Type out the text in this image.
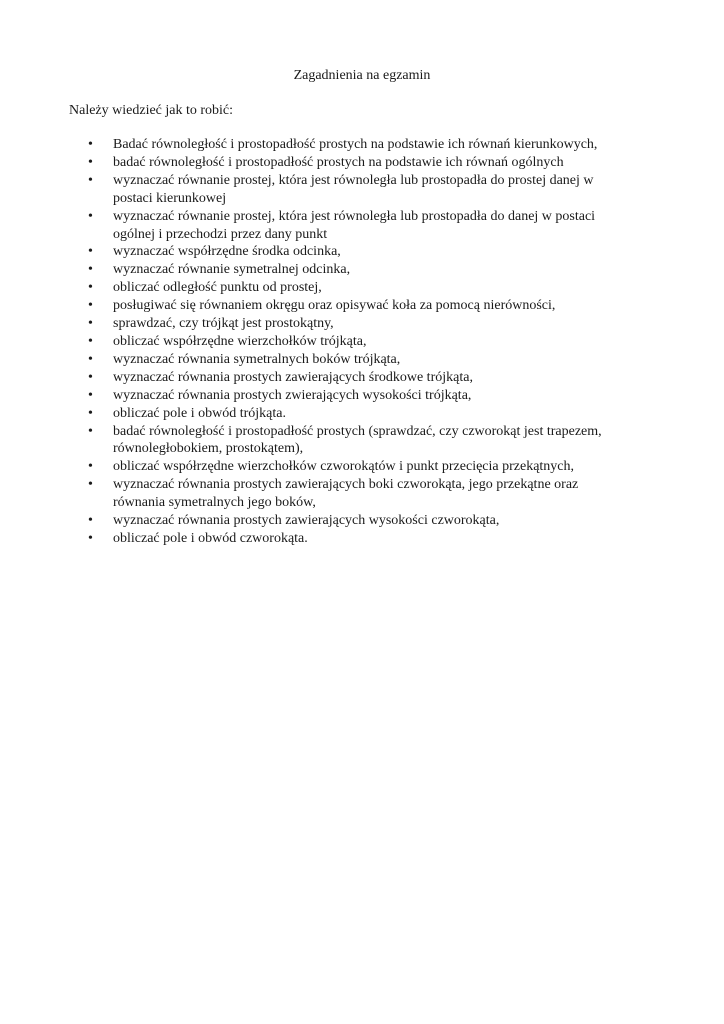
Zagadnienia na egzamin
Należy wiedzieć jak to robić:
• Badać równoległość i prostopadłość prostych na podstawie ich równań kierunkowych,
• badać równoległość i prostopadłość prostych na podstawie ich równań ogólnych
• wyznaczać równanie prostej, która jest równoległa lub prostopadła do prostej danej w postaci kierunkowej
• wyznaczać równanie prostej, która jest równoległa lub prostopadła do danej w postaci ogólnej i przechodzi przez dany punkt
• wyznaczać współrzędne środka odcinka,
• wyznaczać równanie symetralnej odcinka,
• obliczać odległość punktu od prostej,
• posługiwać się równaniem okręgu oraz opisywać koła za pomocą nierówności,
• sprawdzać, czy trójkąt jest prostokątny,
• obliczać współrzędne wierzchołków trójkąta,
• wyznaczać równania symetralnych boków trójkąta,
• wyznaczać równania prostych zawierających środkowe trójkąta,
• wyznaczać równania prostych zwierających wysokości trójkąta,
• obliczać pole i obwód trójkąta.
• badać równoległość i prostopadłość prostych (sprawdzać, czy czworokąt jest trapezem, równoległobokiem, prostokątem),
• obliczać współrzędne wierzchołków czworokątów i punkt przecięcia przekątnych,
• wyznaczać równania prostych zawierających boki czworokąta, jego przekątne oraz równania symetralnych jego boków,
• wyznaczać równania prostych zawierających wysokości czworokąta,
• obliczać pole i obwód czworokąta.
